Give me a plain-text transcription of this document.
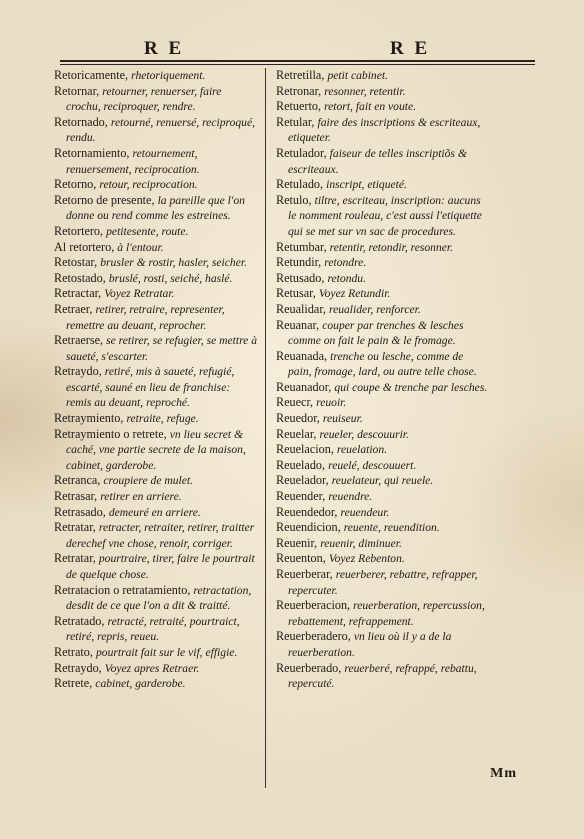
R E	R E
Retoricamente, rhetoriquement.
Retornar, retourner, renuerser, faire crochu, reciproquer, rendre.
Retornado, retourné, renuersé, reciproqué, rendu.
Retornamiento, retournement, renuersement, reciprocation.
Retorno, retour, reciprocation.
Retorno de presente, la pareille que l'on donne ou rend comme les estreines.
Retortero, petitesente, route.
Al retortero, à l'entour.
Retostar, brusler & rostir, hasler, seicher.
Retostado, bruslé, rosti, seiché, haslé.
Retractar, Voyez Retratar.
Retraer, retirer, retraire, representer, remettre au deuant, reprocher.
Retraerse, se retirer, se refugier, se mettre à saueté, s'escarter.
Retraydo, retiré, mis à saueté, refugié, escarté, sauné en lieu de franchise: remis au deuant, reproché.
Retraymiento, retraite, refuge.
Retraymiento o retrete, vn lieu secret & caché, vne partie secrete de la maison, cabinet, garderobe.
Retranca, croupiere de mulet.
Retrasar, retirer en arriere.
Retrasado, demeuré en arriere.
Retratar, retracter, retraiter, retirer, traitter derechef vne chose, renoir, corriger.
Retratar, pourtraire, tirer, faire le pourtrait de quelque chose.
Retratacion o retratamiento, retractation, desdit de ce que l'on a dit & traitté.
Retratado, retracté, retraité, pourtraict, retiré, repris, reueu.
Retrato, pourtrait fait sur le vif, effigie.
Retraydo, Voyez apres Retraer.
Retrete, cabinet, garderobe.
Retretilla, petit cabinet.
Retronar, resonner, retentir.
Retuerto, retort, fait en voute.
Retular, faire des inscriptions & escriteaux, etiqueter.
Retulador, faiseur de telles inscriptiõs & escriteaux.
Retulado, inscript, etiqueté.
Retulo, tiltre, escriteau, inscription: aucuns le nomment rouleau, c'est aussi l'etiquette qui se met sur vn sac de procedures.
Retumbar, retentir, retondir, resonner.
Retundir, retondre.
Retusado, retondu.
Retusar, Voyez Retundir.
Reualidar, reualider, renforcer.
Reuanar, couper par trenches & lesches comme on fait le pain & le fromage.
Reuanada, trenche ou lesche, comme de pain, fromage, lard, ou autre telle chose.
Reuanador, qui coupe & trenche par lesches.
Reuecr, reuoir.
Reuedor, reuiseur.
Reuelar, reueler, descouurir.
Reuelacion, reuelation.
Reuelado, reuelé, descouuert.
Reuelador, reuelateur, qui reuele.
Reuender, reuendre.
Reuendedor, reuendeur.
Reuendicion, reuente, reuendition.
Reuenir, reuenir, diminuer.
Reuenton, Voyez Rebenton.
Reuerberar, reuerberer, rebattre, refrapper, repercuter.
Reuerberacion, reuerberation, repercussion, rebattement, refrappement.
Reuerberadero, vn lieu où il y a de la reuerberation.
Reuerberado, reuerberé, refrappé, rebattu, repercuté.
Mm
